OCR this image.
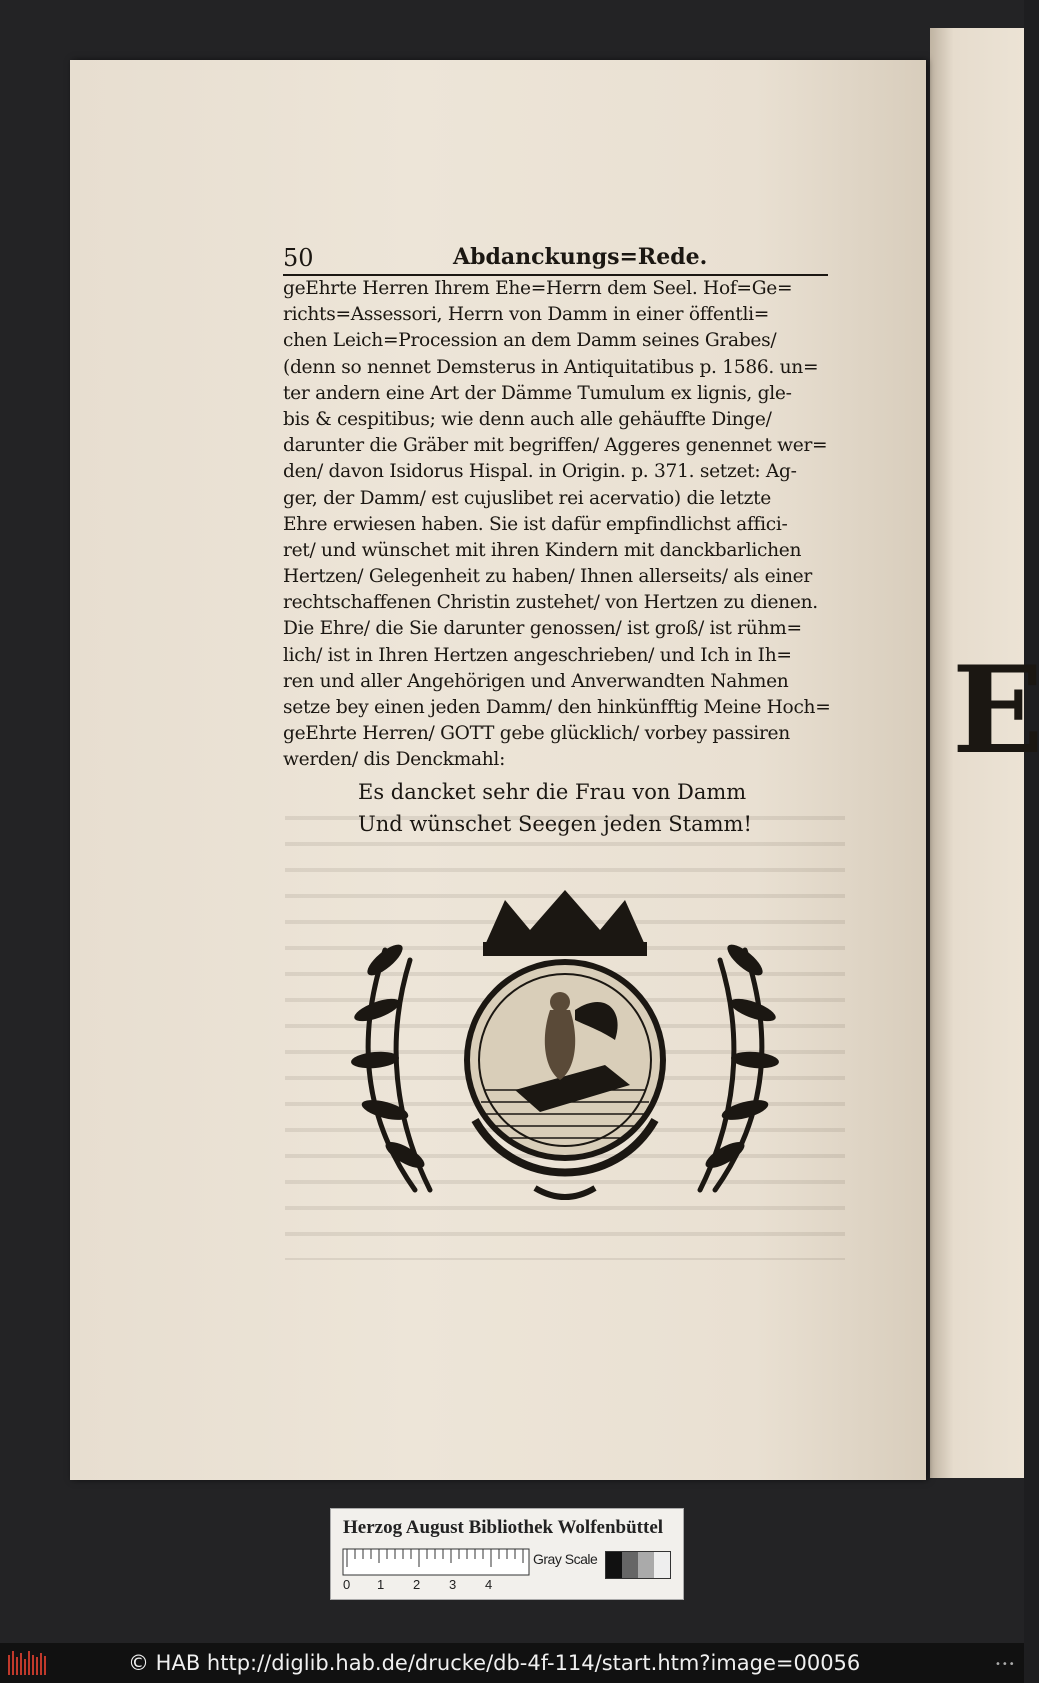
E
50	Abdanckungs=Rede.
geEhrte Herren Ihrem Ehe=Herrn dem Seel. Hof=Ge=
richts=Assessori, Herrn von Damm in einer öffentli=
chen Leich=Procession an dem Damm seines Grabes/
(denn so nennet Demsterus in Antiquitatibus p. 1586. un=
ter andern eine Art der Dämme Tumulum ex lignis, gle-
bis & cespitibus; wie denn auch alle gehäuffte Dinge/
darunter die Gräber mit begriffen/ Aggeres genennet wer=
den/ davon Isidorus Hispal. in Origin. p. 371. setzet: Ag-
ger, der Damm/ est cujuslibet rei acervatio) die letzte
Ehre erwiesen haben. Sie ist dafür empfindlichst affici-
ret/ und wünschet mit ihren Kindern mit danckbarlichen
Hertzen/ Gelegenheit zu haben/ Ihnen allerseits/ als einer
rechtschaffenen Christin zustehet/ von Hertzen zu dienen.
Die Ehre/ die Sie darunter genossen/ ist groß/ ist rühm=
lich/ ist in Ihren Hertzen angeschrieben/ und Ich in Ih=
ren und aller Angehörigen und Anverwandten Nahmen
setze bey einen jeden Damm/ den hinkünfftig Meine Hoch=
geEhrte Herren/ GOTT gebe glücklich/ vorbey passiren
werden/ dis Denckmahl:
Es dancket sehr die Frau von Damm
Und wünschet Seegen jeden Stamm!
Herzog August Bibliothek Wolfenbüttel
0 1 2 3 4
Gray Scale
© HAB http://diglib.hab.de/drucke/db-4f-114/start.htm?image=00056	•••
